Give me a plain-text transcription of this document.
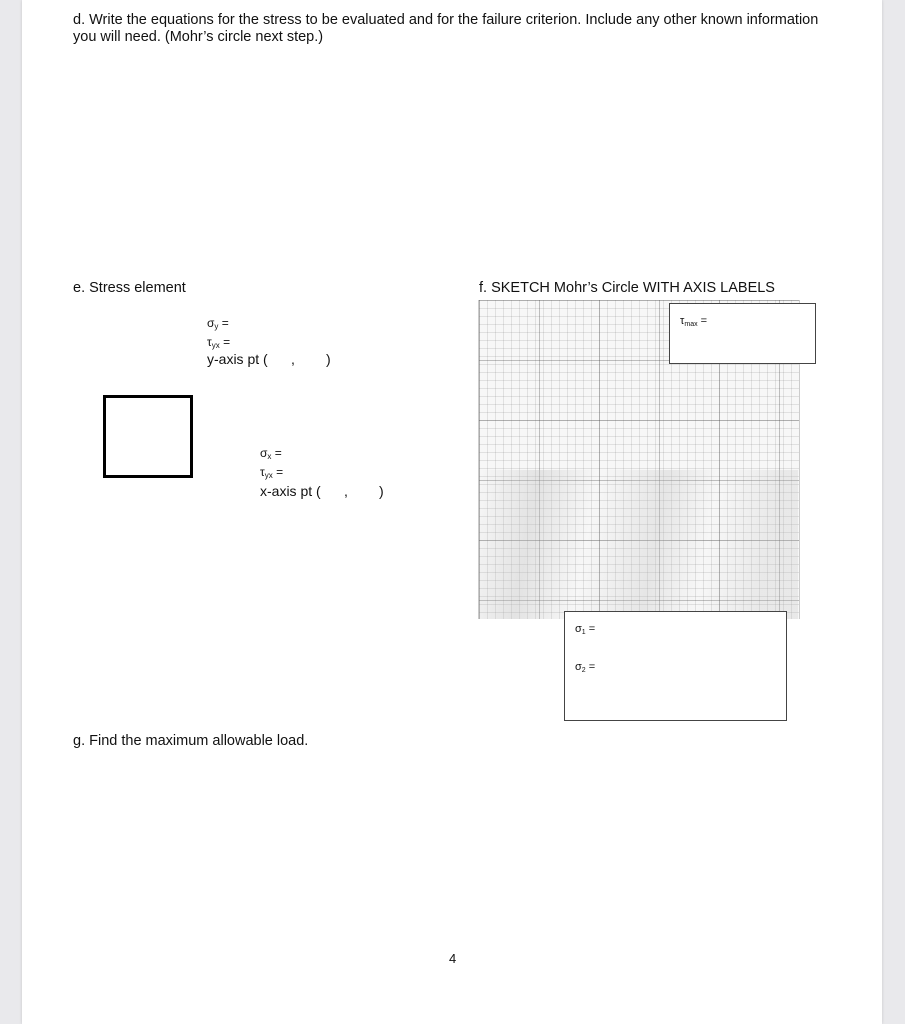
d. Write the equations for the stress to be evaluated and for the failure criterion. Include any other known information you will need. (Mohr’s circle next step.)
e. Stress element
$\sigma_y$ =
$\tau_{yx}$ =
y-axis pt (      ,        )
$\sigma_x$ =
$\tau_{yx}$ =
x-axis pt (      ,        )
f. SKETCH Mohr’s Circle WITH AXIS LABELS
τmax =
σ1 =
σ2 =
g. Find the maximum allowable load.
4
